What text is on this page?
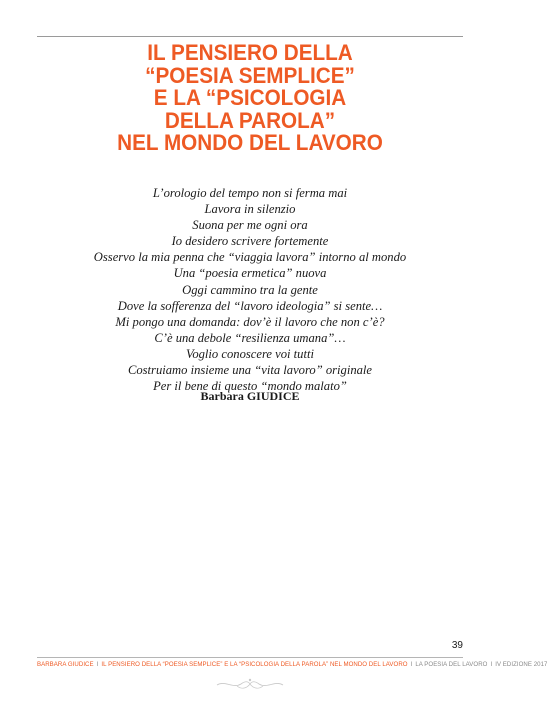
IL PENSIERO DELLA
“POESIA SEMPLICE”
E LA “PSICOLOGIA
DELLA PAROLA”
NEL MONDO DEL LAVORO
L’orologio del tempo non si ferma mai
Lavora in silenzio
Suona per me ogni ora
Io desidero scrivere fortemente
Osservo la mia penna che “viaggia lavora” intorno al mondo
Una “poesia ermetica” nuova
Oggi cammino tra la gente
Dove la sofferenza del “lavoro ideologia” si sente…
Mi pongo una domanda: dov’è il lavoro che non c’è?
C’è una debole “resilienza umana”…
Voglio conoscere voi tutti
Costruiamo insieme una “vita lavoro” originale
Per il bene di questo “mondo malato”
Barbara GIUDICE
39
BARBARA GIUDICE I IL PENSIERO DELLA “POESIA SEMPLICE” E LA “PSICOLOGIA DELLA PAROLA” NEL MONDO DEL LAVORO I LA POESIA DEL LAVORO I IV EDIZIONE 2017
